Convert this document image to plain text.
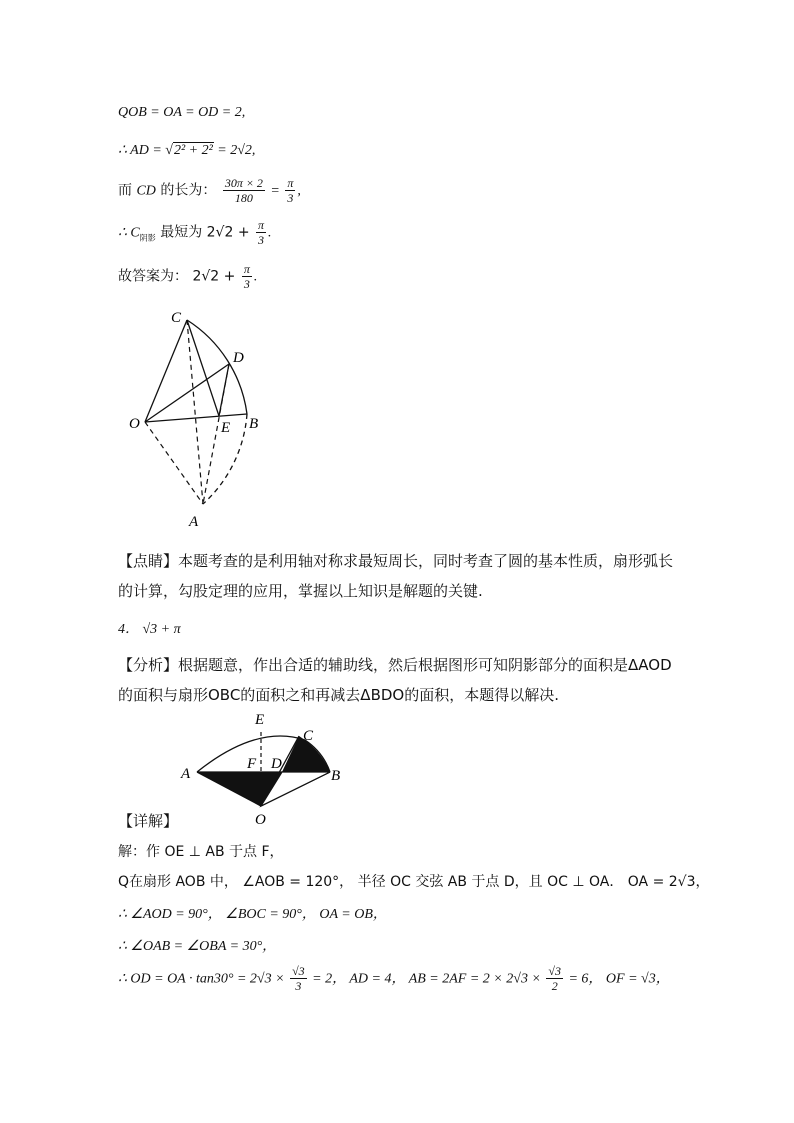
QOB = OA = OD = 2,
∴ AD = √2² + 2² = 2√2,
而 CD 的长为： $\frac{30\pi \times 2}{180} = \frac{\pi}{3}$ ,
∴ $C_{阴影}$ 最短为 $2√2 + \frac{\pi}{3}$ .
故答案为： $2√2 + \frac{\pi}{3}$ .
C
D
O	E B
A
【点睛】本题考查的是利用轴对称求最短周长，同时考查了圆的基本性质，扇形弧长的计算，勾股定理的应用，掌握以上知识是解题的关键.
4． √3 + π
【分析】根据题意，作出合适的辅助线，然后根据图形可知阴影部分的面积是ΔAOD的面积与扇形OBC的面积之和再减去ΔBDO的面积，本题得以解决.
E
C
A
F D
B
O
【详解】
解：作 OE ⊥ AB 于点 F，
Q在扇形 AOB 中， ∠AOB = 120°， 半径 OC 交弦 AB 于点 D，且 OC ⊥ OA． OA = 2√3，
∴ ∠AOD = 90°， ∠BOC = 90°， OA = OB，
∴ ∠OAB = ∠OBA = 30°，
∴ OD = OA · $\tan 30^\circ = 2√3 \times \frac{√3}{3} = 2$， AD = 4， AB = $2AF = 2 \times 2√3 \times \frac{√3}{2} = 6$， OF = √3，
